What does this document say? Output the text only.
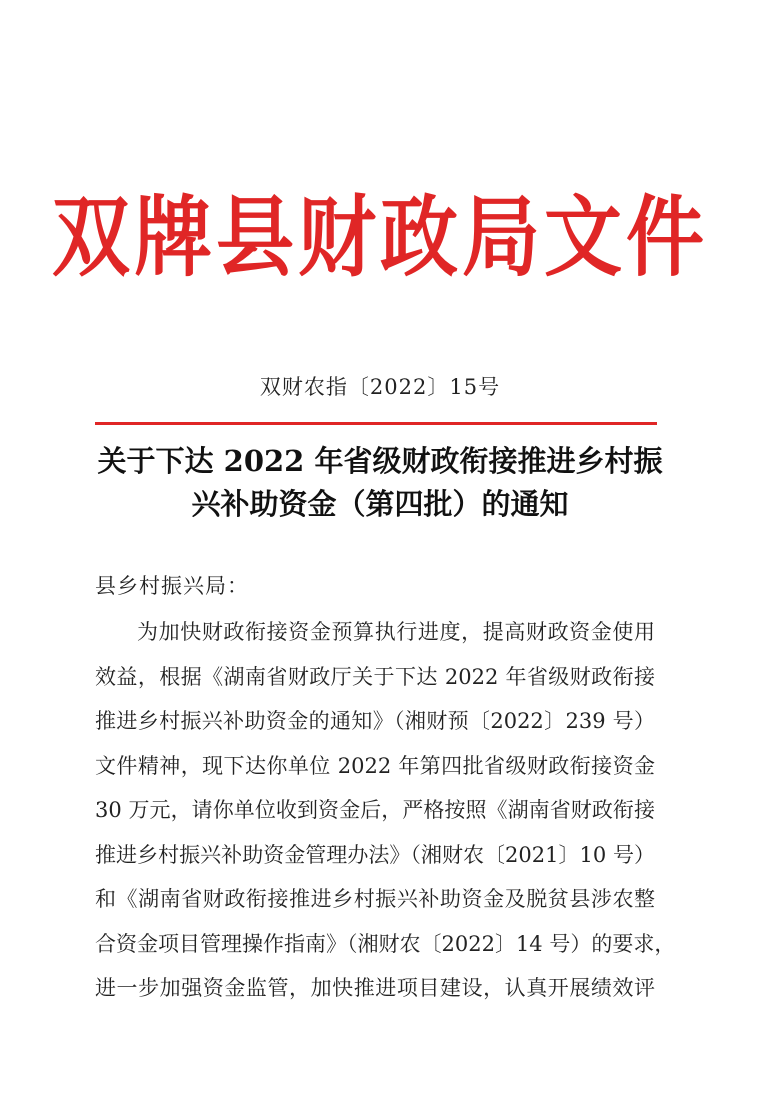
双牌县财政局文件
双财农指〔2022〕15号
关于下达 2022 年省级财政衔接推进乡村振
兴补助资金（第四批）的通知
县乡村振兴局：
为加快财政衔接资金预算执行进度，提高财政资金使用
效益，根据《湖南省财政厅关于下达 2022 年省级财政衔接
推进乡村振兴补助资金的通知》（湘财预〔2022〕239 号）
文件精神，现下达你单位 2022 年第四批省级财政衔接资金
30 万元，请你单位收到资金后，严格按照《湖南省财政衔接
推进乡村振兴补助资金管理办法》（湘财农〔2021〕10 号）
和《湖南省财政衔接推进乡村振兴补助资金及脱贫县涉农整
合资金项目管理操作指南》（湘财农〔2022〕14 号）的要求，
进一步加强资金监管，加快推进项目建设，认真开展绩效评
